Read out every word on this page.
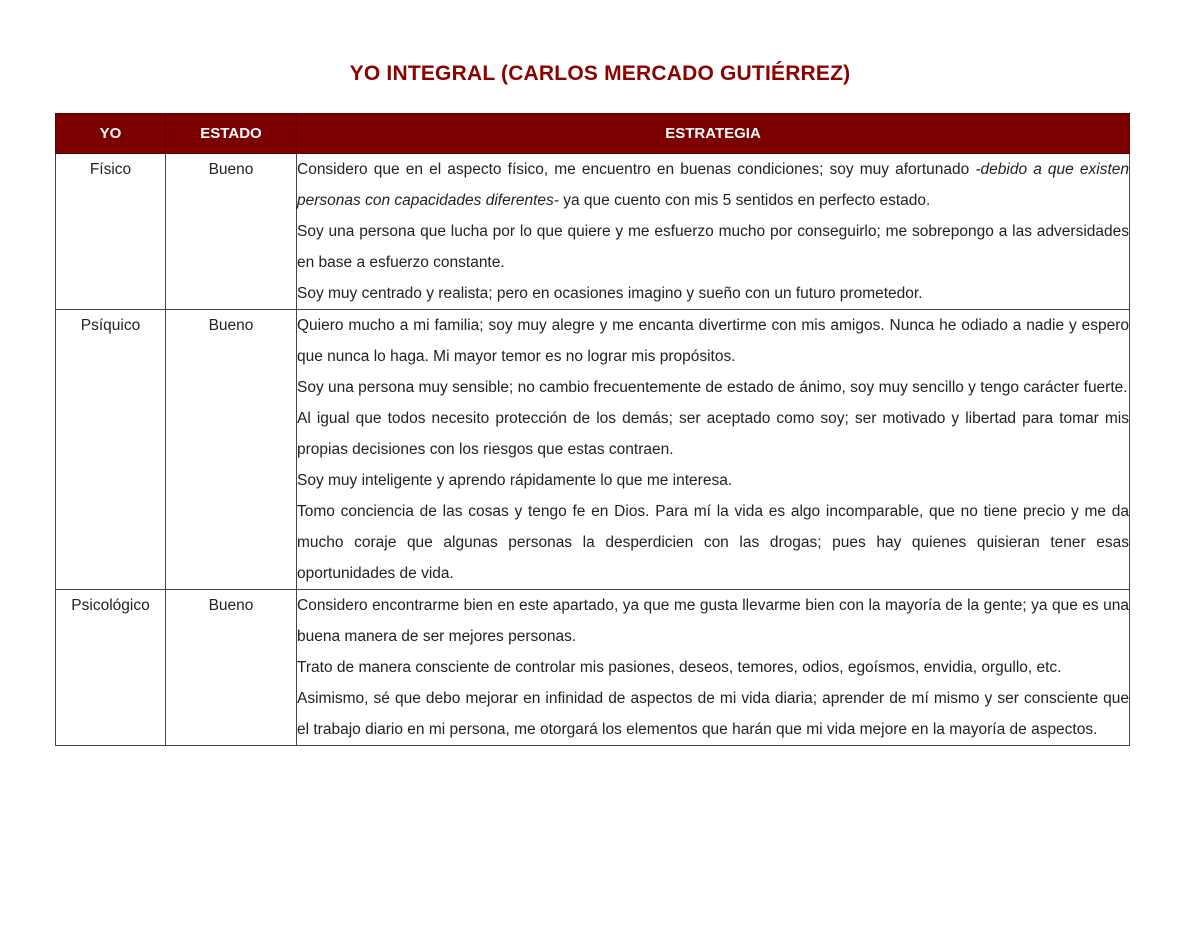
YO INTEGRAL (CARLOS MERCADO GUTIÉRREZ)
YO	ESTADO	ESTRATEGIA
Físico	Bueno	Considero que en el aspecto físico, me encuentro en buenas condiciones; soy muy afortunado -debido a que existen personas con capacidades diferentes- ya que cuento con mis 5 sentidos en perfecto estado.

Soy una persona que lucha por lo que quiere y me esfuerzo mucho por conseguirlo; me sobrepongo a las adversidades en base a esfuerzo constante.

Soy muy centrado y realista; pero en ocasiones imagino y sueño con un futuro prometedor.

Psíquico	Bueno	Quiero mucho a mi familia; soy muy alegre y me encanta divertirme con mis amigos. Nunca he odiado a nadie y espero que nunca lo haga. Mi mayor temor es no lograr mis propósitos.

Soy una persona muy sensible; no cambio frecuentemente de estado de ánimo, soy muy sencillo y tengo carácter fuerte.

Al igual que todos necesito protección de los demás; ser aceptado como soy; ser motivado y libertad para tomar mis propias decisiones con los riesgos que estas contraen.

Soy muy inteligente y aprendo rápidamente lo que me interesa.

Tomo conciencia de las cosas y tengo fe en Dios. Para mí la vida es algo incomparable, que no tiene precio y me da mucho coraje que algunas personas la desperdicien con las drogas; pues hay quienes quisieran tener esas oportunidades de vida.

Psicológico	Bueno	Considero encontrarme bien en este apartado, ya que me gusta llevarme bien con la mayoría de la gente; ya que es una buena manera de ser mejores personas.

Trato de manera consciente de controlar mis pasiones, deseos, temores, odios, egoísmos, envidia, orgullo, etc.

Asimismo, sé que debo mejorar en infinidad de aspectos de mi vida diaria; aprender de mí mismo y ser consciente que el trabajo diario en mi persona, me otorgará los elementos que harán que mi vida mejore en la mayoría de aspectos.
